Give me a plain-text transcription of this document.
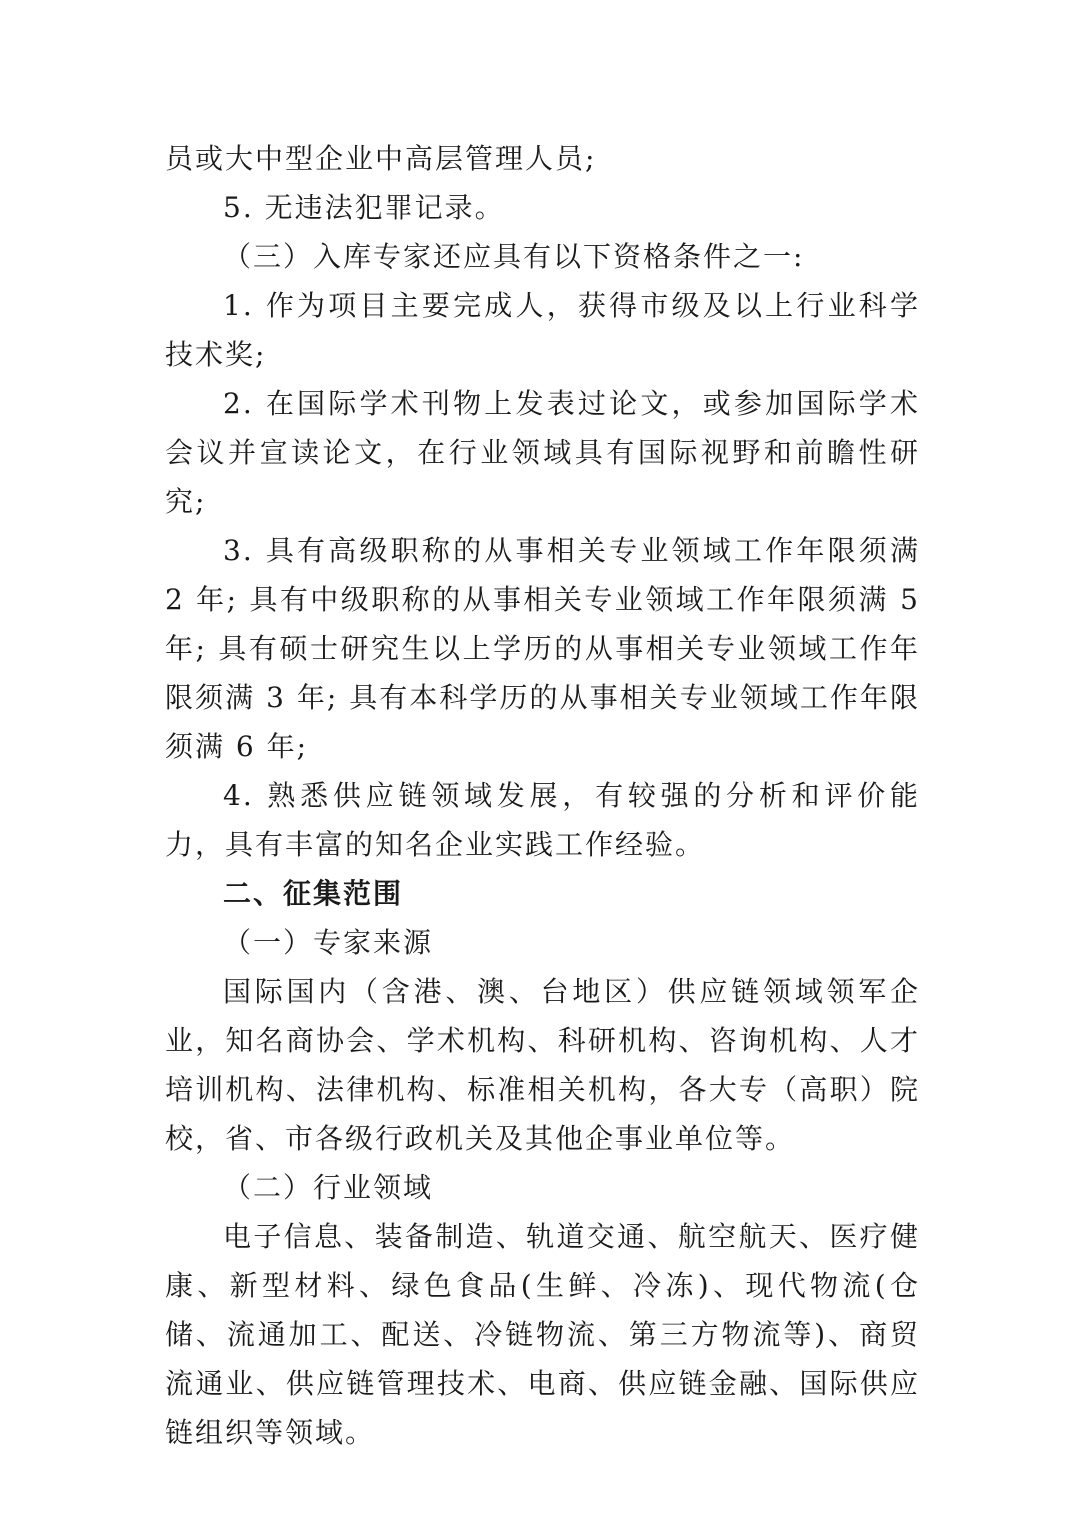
员或大中型企业中高层管理人员;

5. 无违法犯罪记录。

（三）入库专家还应具有以下资格条件之一:

1. 作为项目主要完成人，获得市级及以上行业科学技术奖;

2. 在国际学术刊物上发表过论文，或参加国际学术会议并宣读论文，在行业领域具有国际视野和前瞻性研究;

3. 具有高级职称的从事相关专业领域工作年限须满 2 年; 具有中级职称的从事相关专业领域工作年限须满 5 年; 具有硕士研究生以上学历的从事相关专业领域工作年限须满 3 年; 具有本科学历的从事相关专业领域工作年限须满 6 年;

4. 熟悉供应链领域发展，有较强的分析和评价能力，具有丰富的知名企业实践工作经验。

二、征集范围

（一）专家来源

国际国内（含港、澳、台地区）供应链领域领军企业，知名商协会、学术机构、科研机构、咨询机构、人才培训机构、法律机构、标准相关机构，各大专（高职）院校，省、市各级行政机关及其他企事业单位等。

（二）行业领域

电子信息、装备制造、轨道交通、航空航天、医疗健康、新型材料、绿色食品(生鲜、冷冻)、现代物流(仓储、流通加工、配送、冷链物流、第三方物流等)、商贸流通业、供应链管理技术、电商、供应链金融、国际供应链组织等领域。
